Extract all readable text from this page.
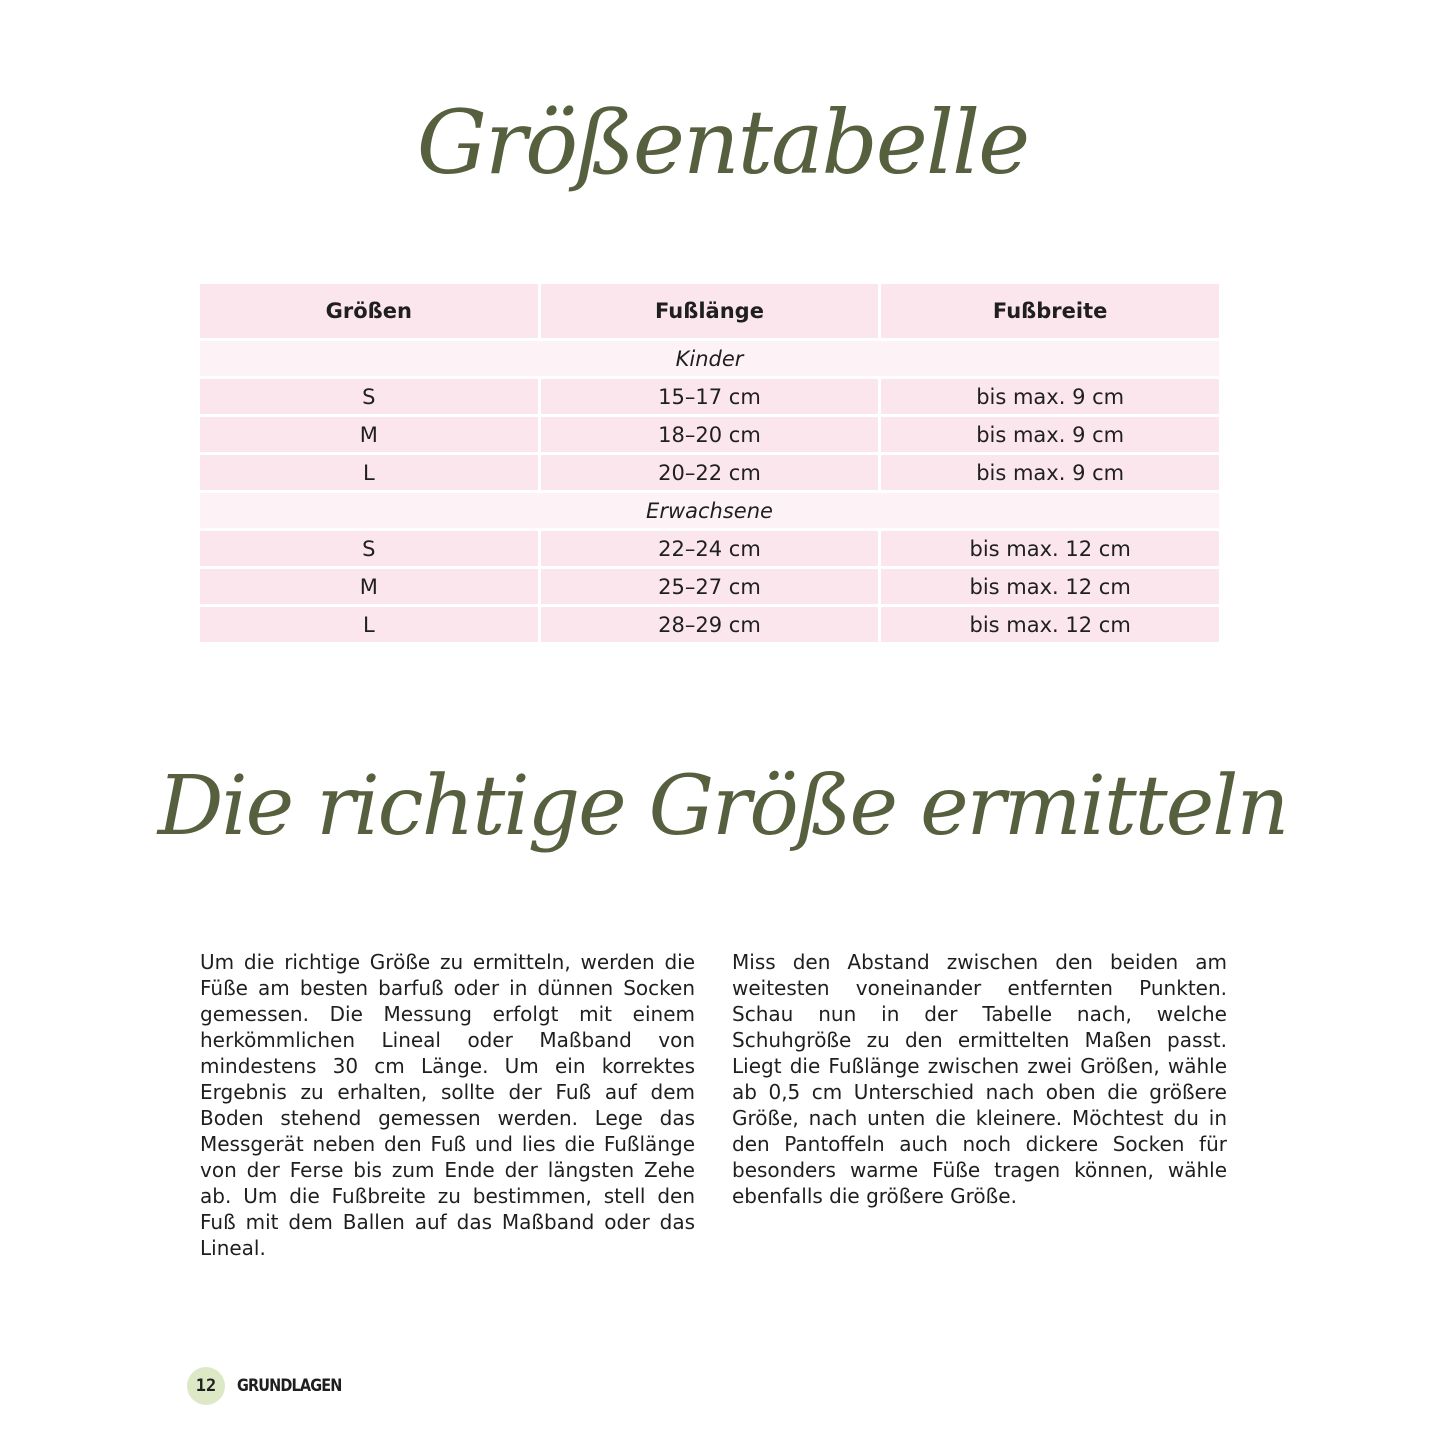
Größentabelle
Größen	Fußlänge	Fußbreite
Kinder		
S	15–17 cm	bis max. 9 cm
M	18–20 cm	bis max. 9 cm
L	20–22 cm	bis max. 9 cm
Erwachsene		
S	22–24 cm	bis max. 12 cm
M	25–27 cm	bis max. 12 cm
L	28–29 cm	bis max. 12 cm
Die richtige Größe ermitteln

Um die richtige Größe zu ermitteln, werden die Füße am besten barfuß oder in dünnen Socken gemessen. Die Messung erfolgt mit einem herkömmlichen Lineal oder Maßband von mindestens 30 cm Länge. Um ein korrektes Ergebnis zu erhalten, sollte der Fuß auf dem Boden stehend gemessen werden. Lege das Messgerät neben den Fuß und lies die Fußlänge von der Ferse bis zum Ende der längsten Zehe ab. Um die Fußbreite zu bestimmen, stell den Fuß mit dem Ballen auf das Maßband oder das Lineal.

Miss den Abstand zwischen den beiden am weitesten voneinander entfernten Punkten. Schau nun in der Tabelle nach, welche Schuhgröße zu den ermittelten Maßen passt. Liegt die Fußlänge zwischen zwei Größen, wähle ab 0,5 cm Unterschied nach oben die größere Größe, nach unten die kleinere. Möchtest du in den Pantoffeln auch noch dickere Socken für besonders warme Füße tragen können, wähle ebenfalls die größere Größe.

12	GRUNDLAGEN
